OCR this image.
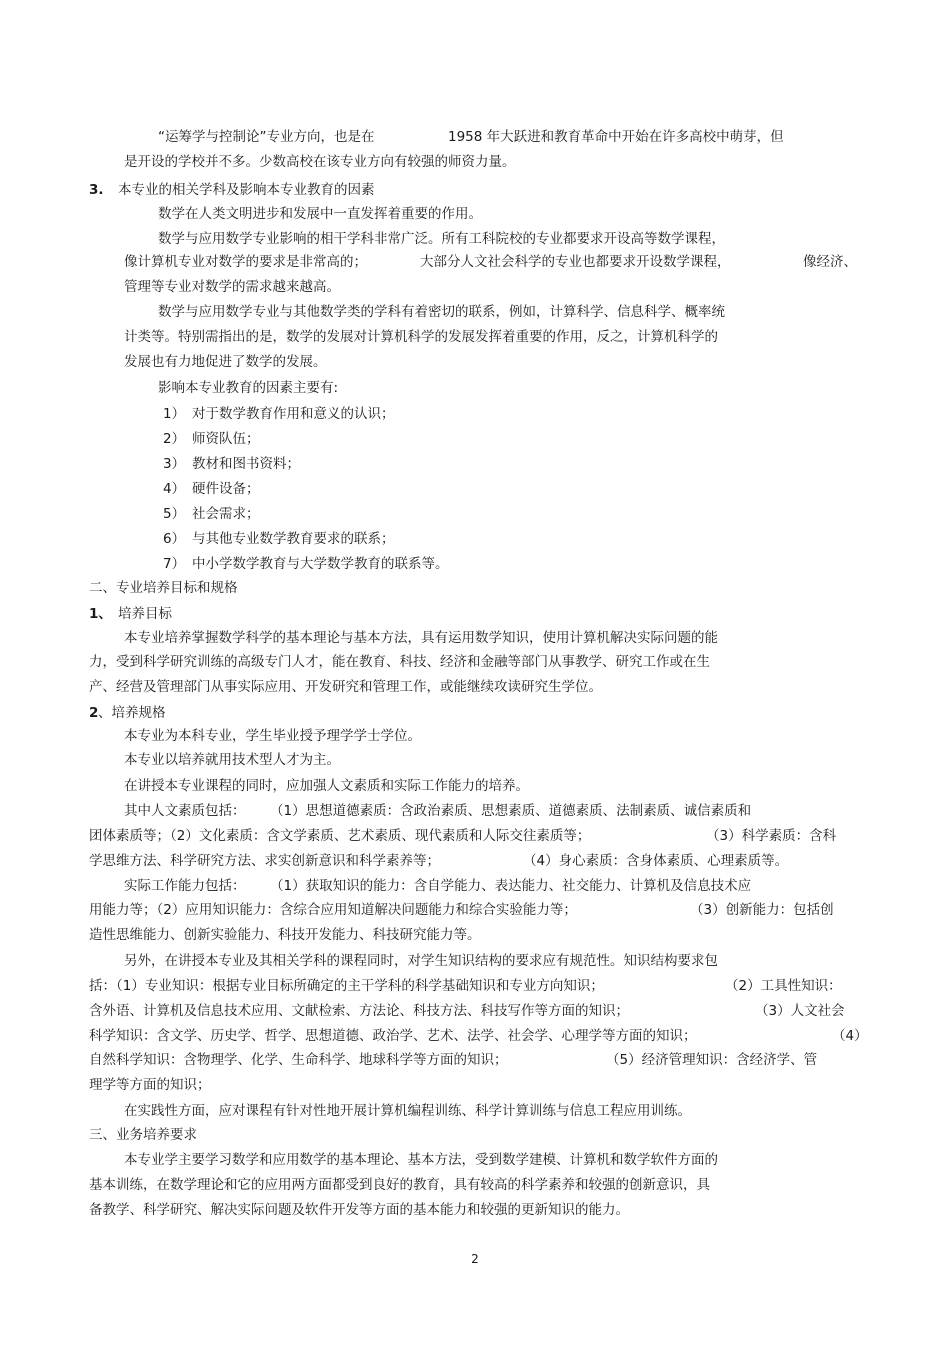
“运筹学与控制论”专业方向，也是在	1958 年大跃进和教育革命中开始在许多高校中萌芽，但
是开设的学校并不多。少数高校在该专业方向有较强的师资力量。
3. 本专业的相关学科及影响本专业教育的因素
数学在人类文明进步和发展中一直发挥着重要的作用。
数学与应用数学专业影响的相干学科非常广泛。所有工科院校的专业都要求开设高等数学课程，
像计算机专业对数学的要求是非常高的；	大部分人文社会科学的专业也都要求开设数学课程，	像经济、
管理等专业对数学的需求越来越高。
数学与应用数学专业与其他数学类的学科有着密切的联系，例如，计算科学、信息科学、概率统
计类等。特别需指出的是，数学的发展对计算机科学的发展发挥着重要的作用，反之，计算机科学的
发展也有力地促进了数学的发展。
影响本专业教育的因素主要有:
1） 对于数学教育作用和意义的认识；
2） 师资队伍；
3） 教材和图书资料；
4） 硬件设备；
5） 社会需求；
6） 与其他专业数学教育要求的联系；
7） 中小学数学教育与大学数学教育的联系等。
二、专业培养目标和规格
1、 培养目标
本专业培养掌握数学科学的基本理论与基本方法，具有运用数学知识，使用计算机解决实际问题的能
力，受到科学研究训练的高级专门人才，能在教育、科技、经济和金融等部门从事教学、研究工作或在生
产、经营及管理部门从事实际应用、开发研究和管理工作，或能继续攻读研究生学位。
2 、培养规格
本专业为本科专业，学生毕业授予理学学士学位。
本专业以培养就用技术型人才为主。
在讲授本专业课程的同时，应加强人文素质和实际工作能力的培养。
其中人文素质包括： （1）思想道德素质：含政治素质、思想素质、道德素质、法制素质、诚信素质和
团体素质等；（2）文化素质：含文学素质、艺术素质、现代素质和人际交往素质等；	（3）科学素质：含科
学思维方法、科学研究方法、求实创新意识和科学素养等；	（4）身心素质：含身体素质、心理素质等。
实际工作能力包括： （1）获取知识的能力：含自学能力、表达能力、社交能力、计算机及信息技术应
用能力等；（2）应用知识能力：含综合应用知道解决问题能力和综合实验能力等；	（3）创新能力：包括创
造性思维能力、创新实验能力、科技开发能力、科技研究能力等。
另外，在讲授本专业及其相关学科的课程同时，对学生知识结构的要求应有规范性。知识结构要求包
括：（1）专业知识：根据专业目标所确定的主干学科的科学基础知识和专业方向知识；	（2）工具性知识：
含外语、计算机及信息技术应用、文献检索、方法论、科技方法、科技写作等方面的知识；	（3）人文社会
科学知识：含文学、历史学、哲学、思想道德、政治学、艺术、法学、社会学、心理学等方面的知识；	（4）
自然科学知识：含物理学、化学、生命科学、地球科学等方面的知识；	（5）经济管理知识：含经济学、管
理学等方面的知识；
在实践性方面，应对课程有针对性地开展计算机编程训练、科学计算训练与信息工程应用训练。
三、业务培养要求
本专业学主要学习数学和应用数学的基本理论、基本方法，受到数学建模、计算机和数学软件方面的
基本训练，在数学理论和它的应用两方面都受到良好的教育，具有较高的科学素养和较强的创新意识，具
备教学、科学研究、解决实际问题及软件开发等方面的基本能力和较强的更新知识的能力。
2
